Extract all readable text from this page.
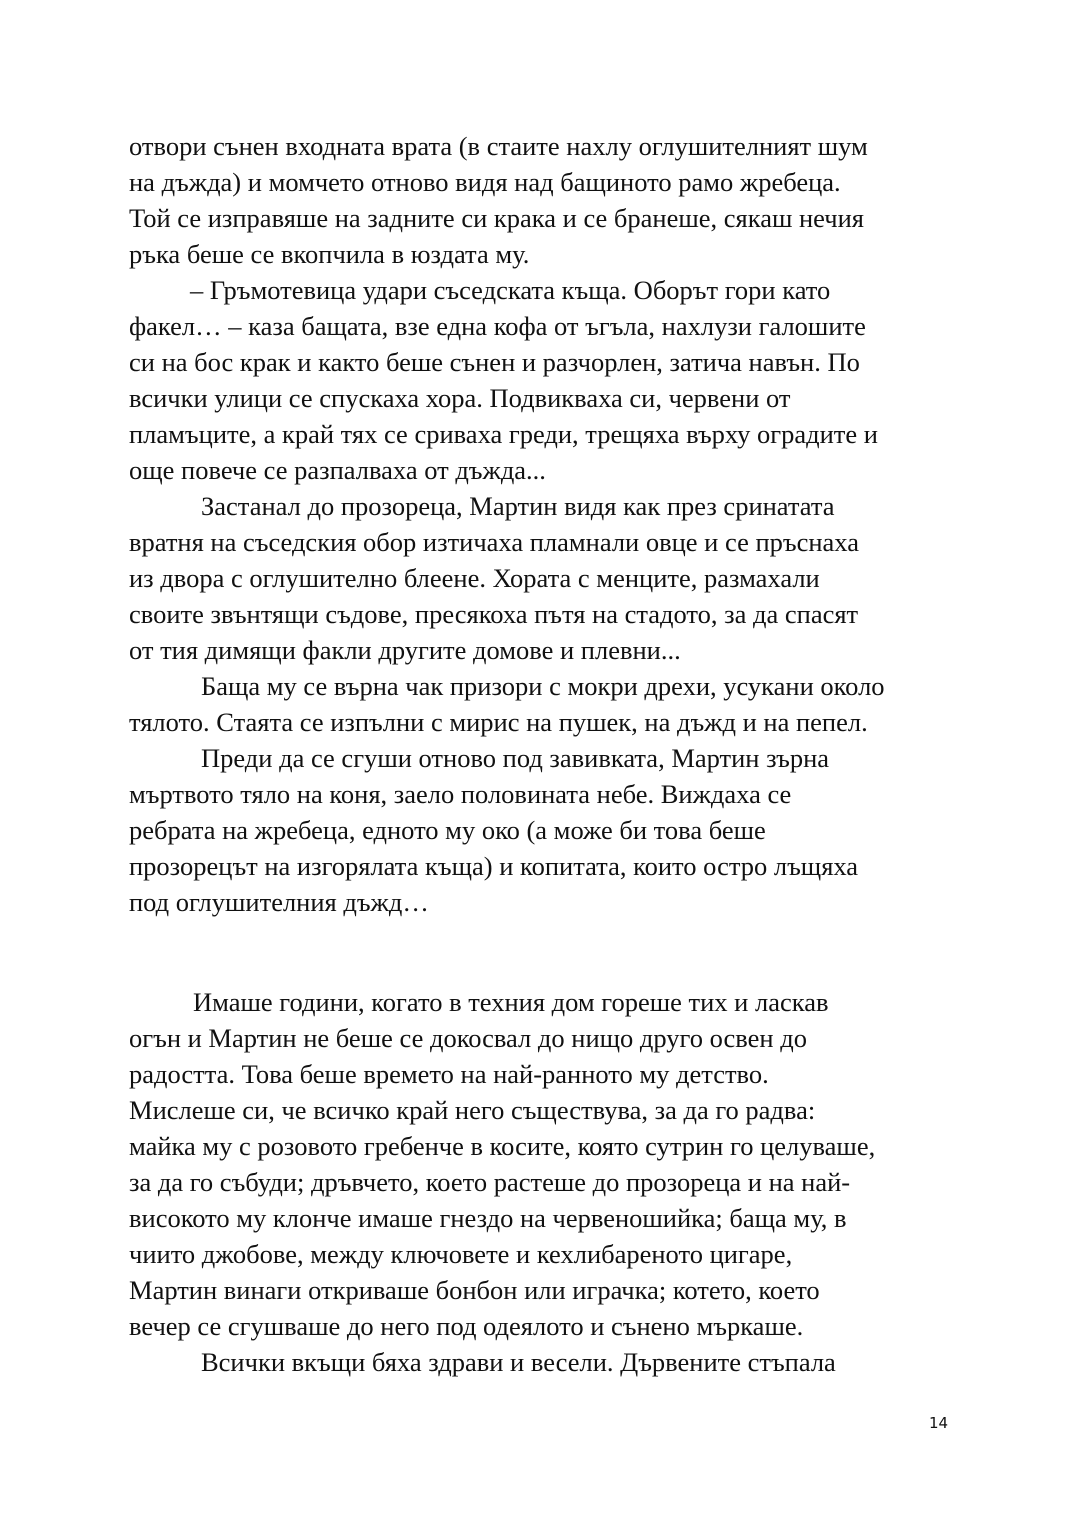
отвори сънен входната врата (в стаите нахлу оглушителният шум
на дъжда) и момчето отново видя над бащиното рамо жребеца.
Той се изправяше на задните си крака и се бранеше, сякаш нечия
ръка беше се вкопчила в юздата му.
– Гръмотевица удари съседската къща. Оборът гори като
факел… – каза бащата, взе една кофа от ъгъла, нахлузи галошите
си на бос крак и както беше сънен и разчорлен, затича навън. По
всички улици се спускаха хора. Подвикваха си, червени от
пламъците, а край тях се сриваха греди, трещяха върху оградите и
още повече се разпалваха от дъжда...
Застанал до прозореца, Мартин видя как през сринатата
вратня на съседския обор изтичаха пламнали овце и се пръснаха
из двора с оглушително блеене. Хората с менците, размахали
своите звънтящи съдове, пресякоха пътя на стадото, за да спасят
от тия димящи факли другите домове и плевни...
Баща му се върна чак призори с мокри дрехи, усукани около
тялото. Стаята се изпълни с мирис на пушек, на дъжд и на пепел.
Преди да се сгуши отново под завивката, Мартин зърна
мъртвото тяло на коня, заело половината небе. Виждаха се
ребрата на жребеца, едното му око (а може би това беше
прозорецът на изгорялата къща) и копитата, които остро лъщяха
под оглушителния дъжд…
Имаше години, когато в техния дом гореше тих и ласкав
огън и Мартин не беше се докосвал до нищо друго освен до
радостта. Това беше времето на най-ранното му детство.
Мислеше си, че всичко край него съществува, за да го радва:
майка му с розовото гребенче в косите, която сутрин го целуваше,
за да го събуди; дръвчето, което растеше до прозореца и на най-
високото му клонче имаше гнездо на червеношийка; баща му, в
чиито джобове, между ключовете и кехлибареното цигаре,
Мартин винаги откриваше бонбон или играчка; котето, което
вечер се сгушваше до него под одеялото и сънено мъркаше.
Всички вкъщи бяха здрави и весели. Дървените стъпала
14
